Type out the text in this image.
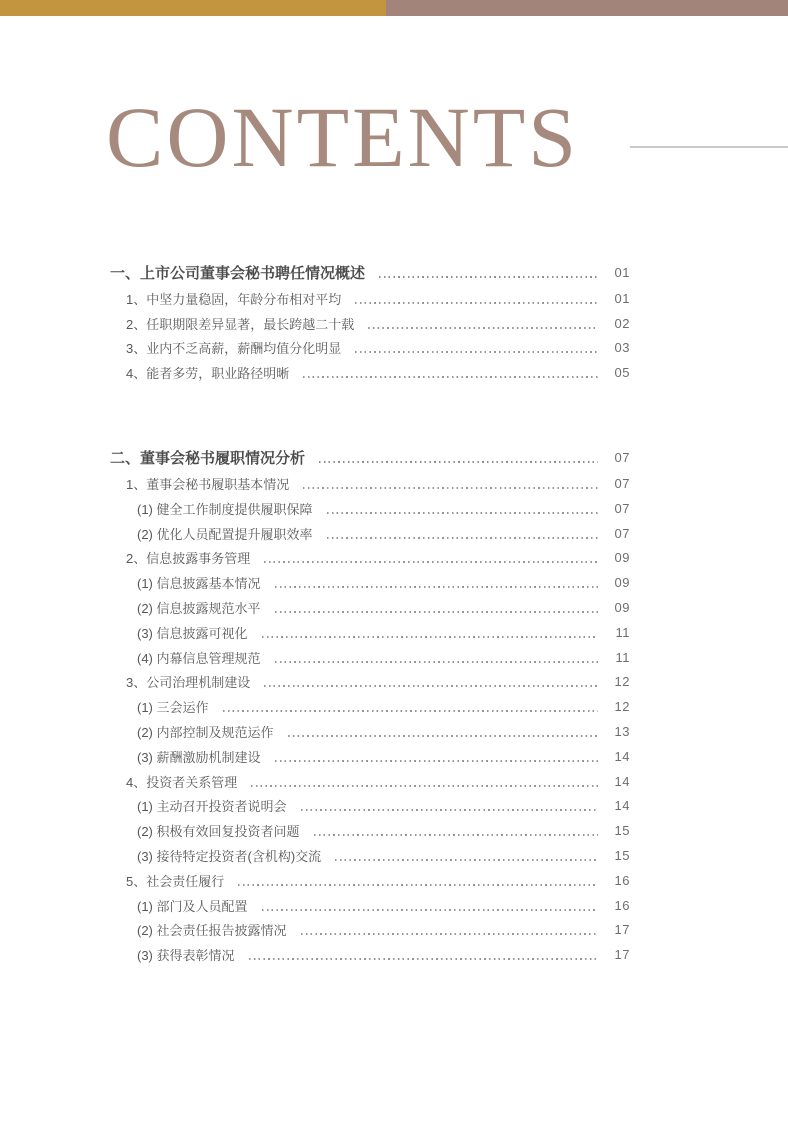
CONTENTS
一、上市公司董事会秘书聘任情况概述	01
1、中坚力量稳固，年龄分布相对平均	01
2、任职期限差异显著，最长跨越二十载	02
3、业内不乏高薪，薪酬均值分化明显	03
4、能者多劳，职业路径明晰	05
二、董事会秘书履职情况分析	07
1、董事会秘书履职基本情况	07
(1) 健全工作制度提供履职保障	07
(2) 优化人员配置提升履职效率	07
2、信息披露事务管理	09
(1) 信息披露基本情况	09
(2) 信息披露规范水平	09
(3) 信息披露可视化	11
(4) 内幕信息管理规范	11
3、公司治理机制建设	12
(1) 三会运作	12
(2) 内部控制及规范运作	13
(3) 薪酬激励机制建设	14
4、投资者关系管理	14
(1) 主动召开投资者说明会	14
(2) 积极有效回复投资者问题	15
(3) 接待特定投资者(含机构)交流	15
5、社会责任履行	16
(1) 部门及人员配置	16
(2) 社会责任报告披露情况	17
(3) 获得表彰情况	17
